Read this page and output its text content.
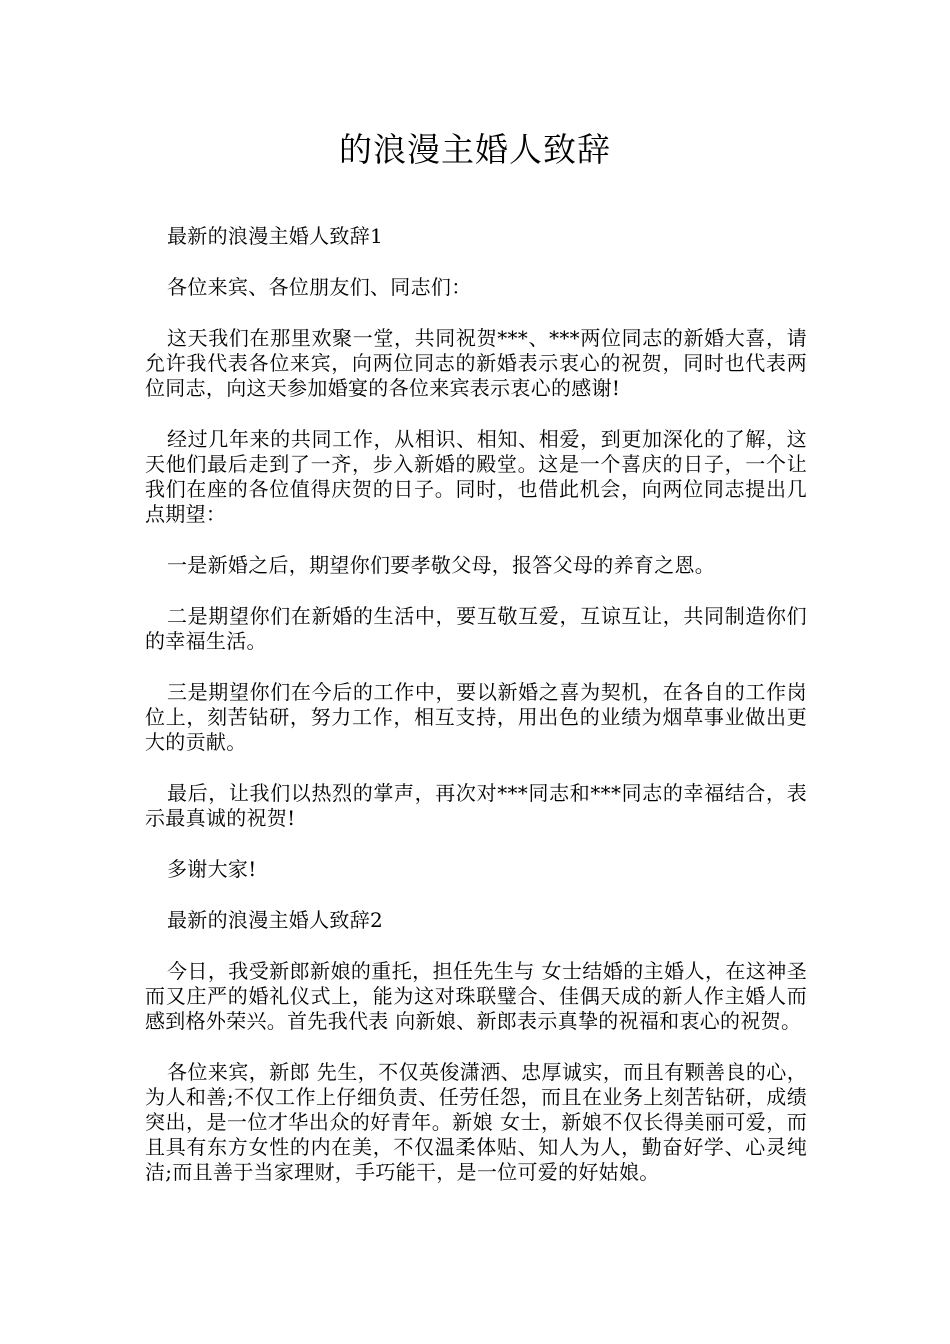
的浪漫主婚人致辞

最新的浪漫主婚人致辞1

各位来宾、各位朋友们、同志们：

这天我们在那里欢聚一堂，共同祝贺***、***两位同志的新婚大喜，请允许我代表各位来宾，向两位同志的新婚表示衷心的祝贺，同时也代表两位同志，向这天参加婚宴的各位来宾表示衷心的感谢!

经过几年来的共同工作，从相识、相知、相爱，到更加深化的了解，这天他们最后走到了一齐，步入新婚的殿堂。这是一个喜庆的日子，一个让我们在座的各位值得庆贺的日子。同时，也借此机会，向两位同志提出几点期望：

一是新婚之后，期望你们要孝敬父母，报答父母的养育之恩。

二是期望你们在新婚的生活中，要互敬互爱，互谅互让，共同制造你们的幸福生活。

三是期望你们在今后的工作中，要以新婚之喜为契机，在各自的工作岗位上，刻苦钻研，努力工作，相互支持，用出色的业绩为烟草事业做出更大的贡献。

最后，让我们以热烈的掌声，再次对***同志和***同志的幸福结合，表示最真诚的祝贺!

多谢大家!

最新的浪漫主婚人致辞2

今日，我受新郎新娘的重托，担任先生与 女士结婚的主婚人，在这神圣而又庄严的婚礼仪式上，能为这对珠联璧合、佳偶天成的新人作主婚人而感到格外荣兴。首先我代表 向新娘、新郎表示真挚的祝福和衷心的祝贺。

各位来宾，新郎 先生，不仅英俊潇洒、忠厚诚实，而且有颗善良的心，为人和善;不仅工作上仔细负责、任劳任怨，而且在业务上刻苦钻研，成绩突出，是一位才华出众的好青年。新娘 女士，新娘不仅长得美丽可爱，而且具有东方女性的内在美，不仅温柔体贴、知人为人，勤奋好学、心灵纯洁;而且善于当家理财，手巧能干，是一位可爱的好姑娘。
